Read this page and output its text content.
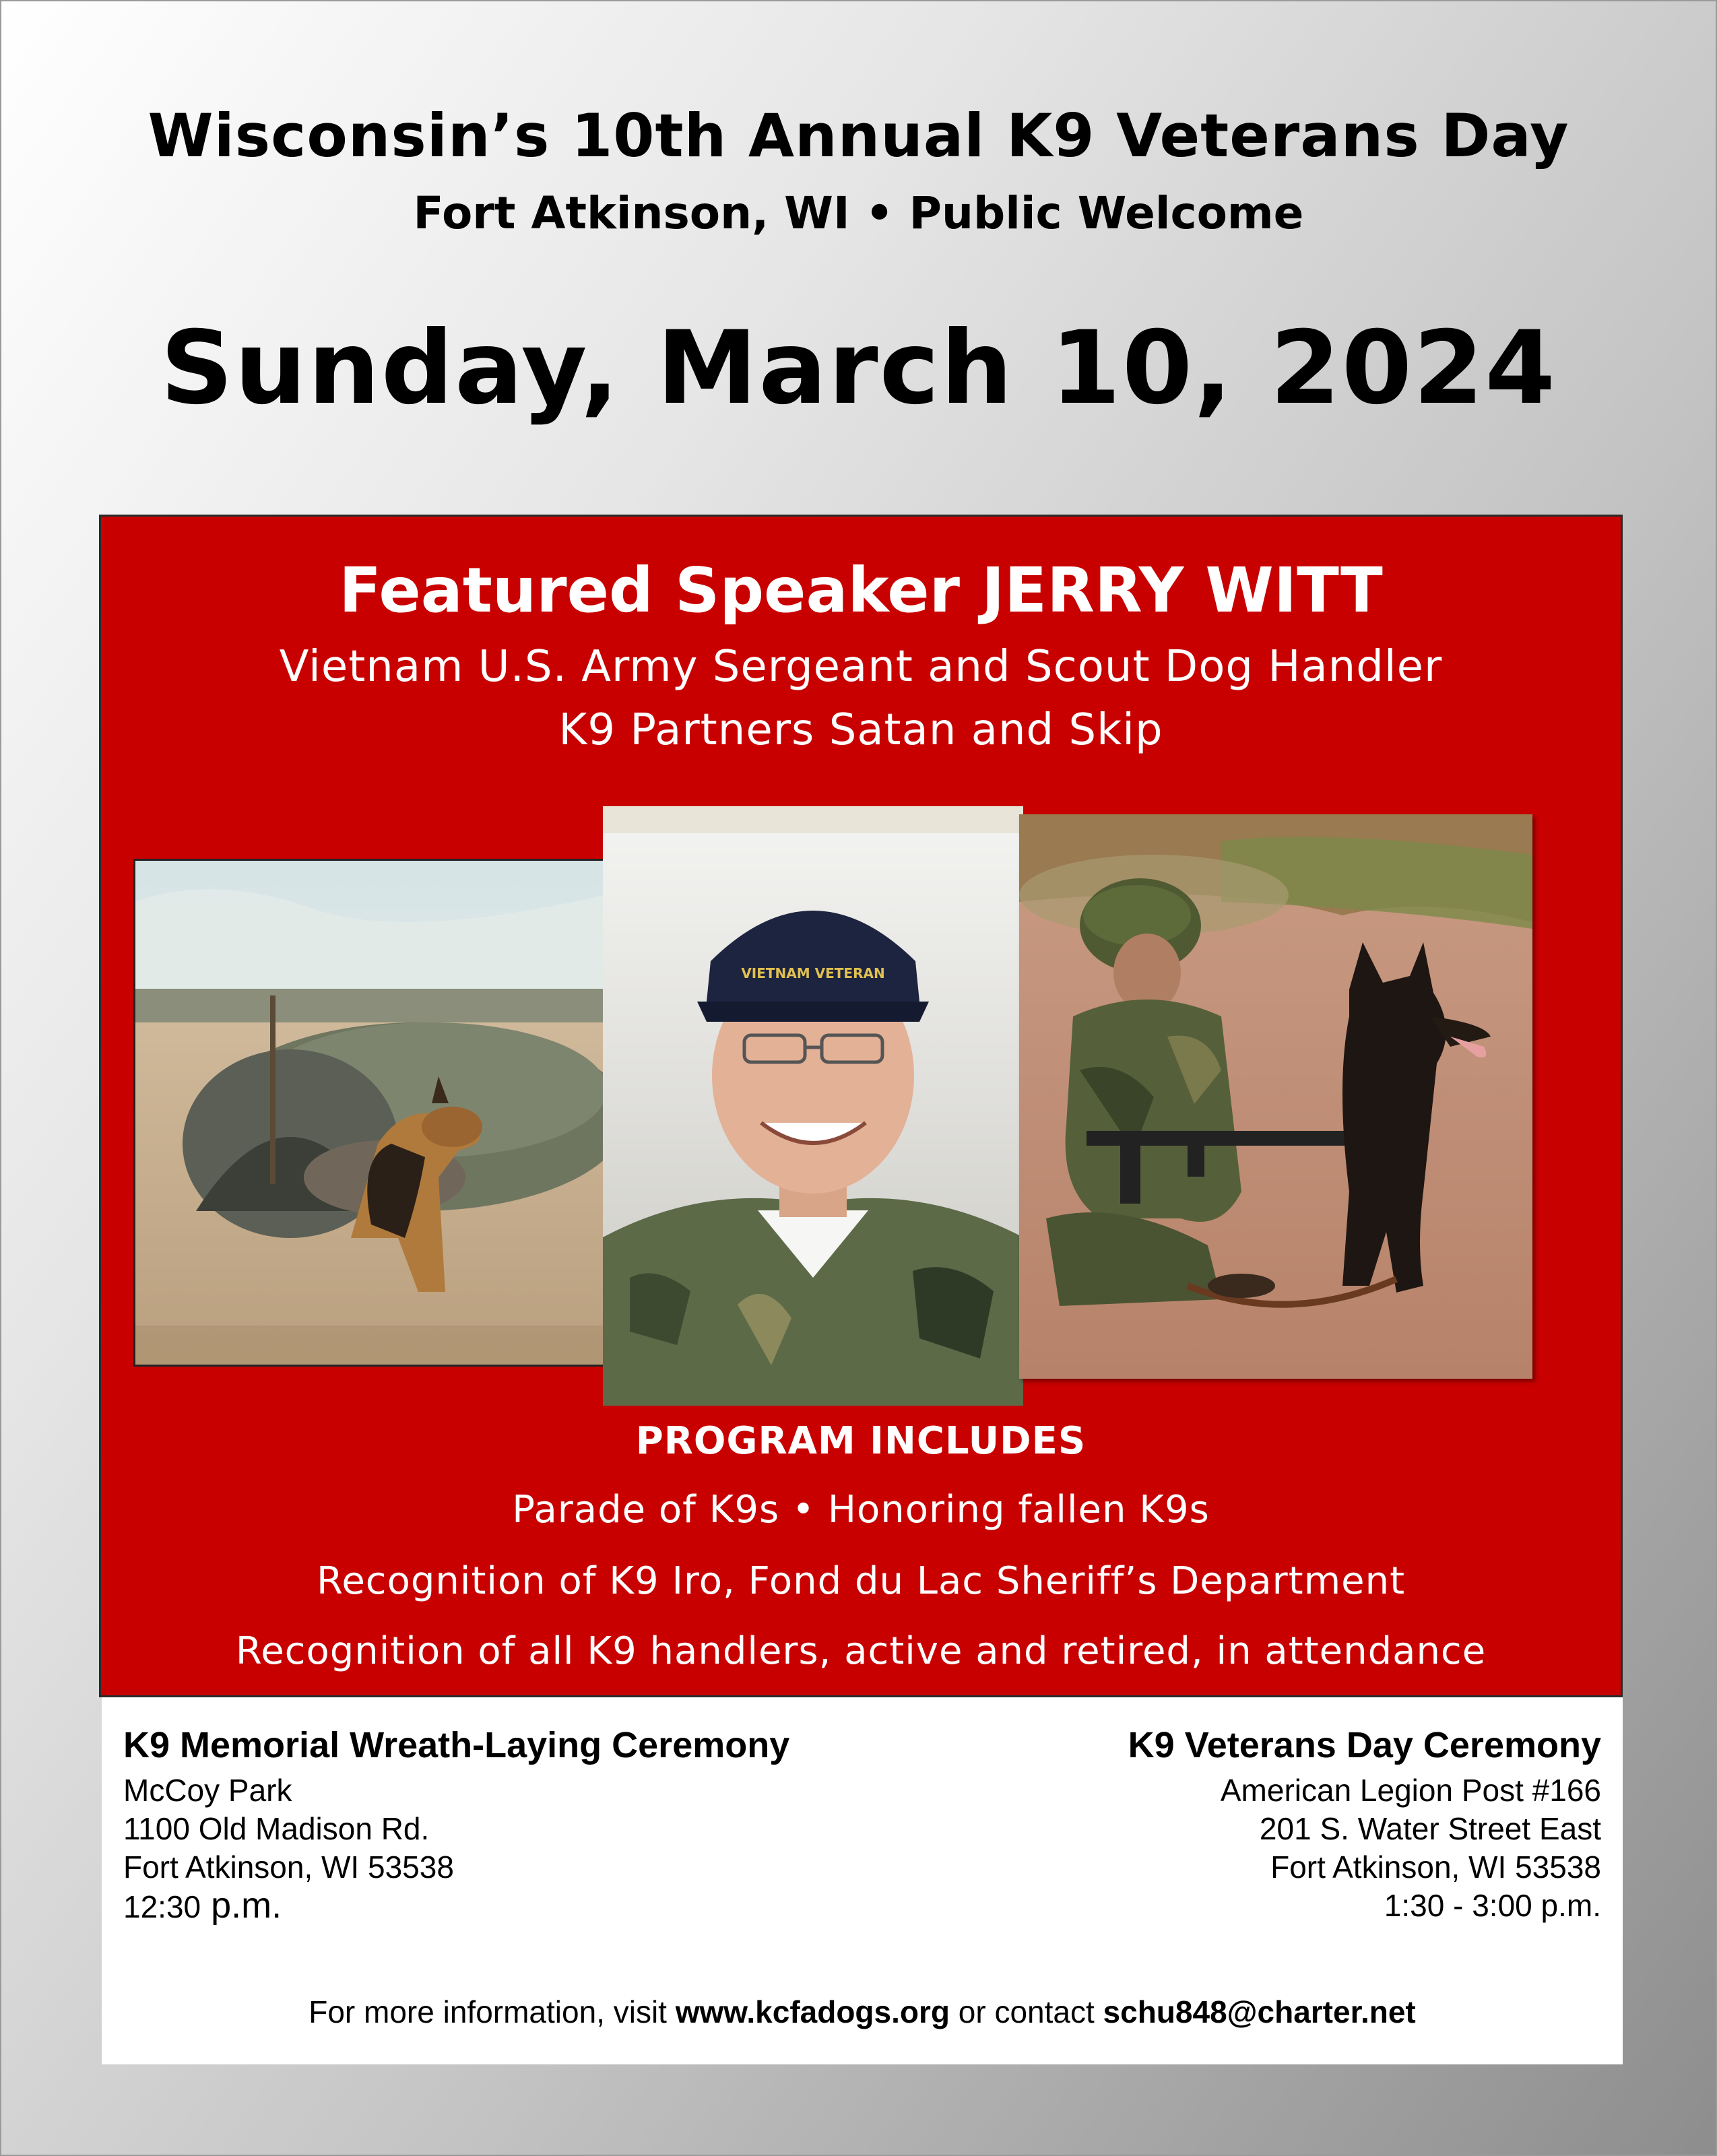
Wisconsin’s 10th Annual K9 Veterans Day
Fort Atkinson, WI • Public Welcome
Sunday, March 10, 2024
Featured Speaker JERRY WITT
Vietnam U.S. Army Sergeant and Scout Dog Handler
K9 Partners Satan and Skip
VIETNAM VETERAN
PROGRAM INCLUDES
Parade of K9s • Honoring fallen K9s
Recognition of K9 Iro, Fond du Lac Sheriff’s Department
Recognition of all K9 handlers, active and retired, in attendance
K9 Memorial Wreath-Laying Ceremony
McCoy Park
1100 Old Madison Rd.
Fort Atkinson, WI 53538
12:30 p.m.
K9 Veterans Day Ceremony
American Legion Post #166
201 S. Water Street East
Fort Atkinson, WI 53538
1:30 - 3:00 p.m.
For more information, visit www.kcfadogs.org or contact schu848@charter.net
